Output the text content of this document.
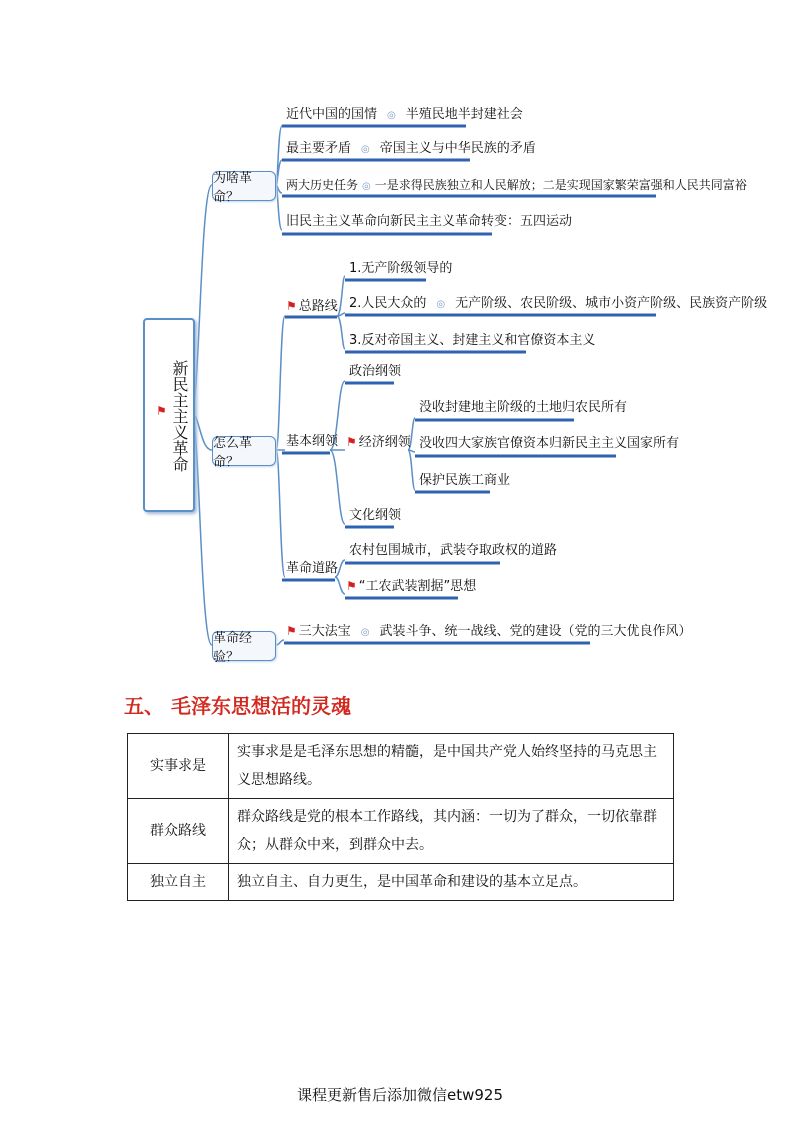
新民主主义革命
⚑
为啥革命？
怎么革命？
革命经验？
近代中国的国情 ◎ 半殖民地半封建社会
最主要矛盾 ◎ 帝国主义与中华民族的矛盾
两大历史任务 ◎ 一是求得民族独立和人民解放；二是实现国家繁荣富强和人民共同富裕
旧民主主义革命向新民主主义革命转变：五四运动
⚑ 总路线
1.无产阶级领导的
2.人民大众的 ◎ 无产阶级、农民阶级、城市小资产阶级、民族资产阶级
3.反对帝国主义、封建主义和官僚资本主义
基本纲领
政治纲领
⚑ 经济纲领
没收封建地主阶级的土地归农民所有
没收四大家族官僚资本归新民主主义国家所有
保护民族工商业
文化纲领
革命道路
农村包围城市，武装夺取政权的道路
⚑ “工农武装割据”思想
⚑ 三大法宝 ◎ 武装斗争、统一战线、党的建设（党的三大优良作风）
五、 毛泽东思想活的灵魂
实事求是	实事求是是毛泽东思想的精髓，是中国共产党人始终坚持的马克思主义思想路线。
群众路线	群众路线是党的根本工作路线，其内涵：一切为了群众，一切依靠群众；从群众中来，到群众中去。
独立自主	独立自主、自力更生，是中国革命和建设的基本立足点。
课程更新售后添加微信etw925
